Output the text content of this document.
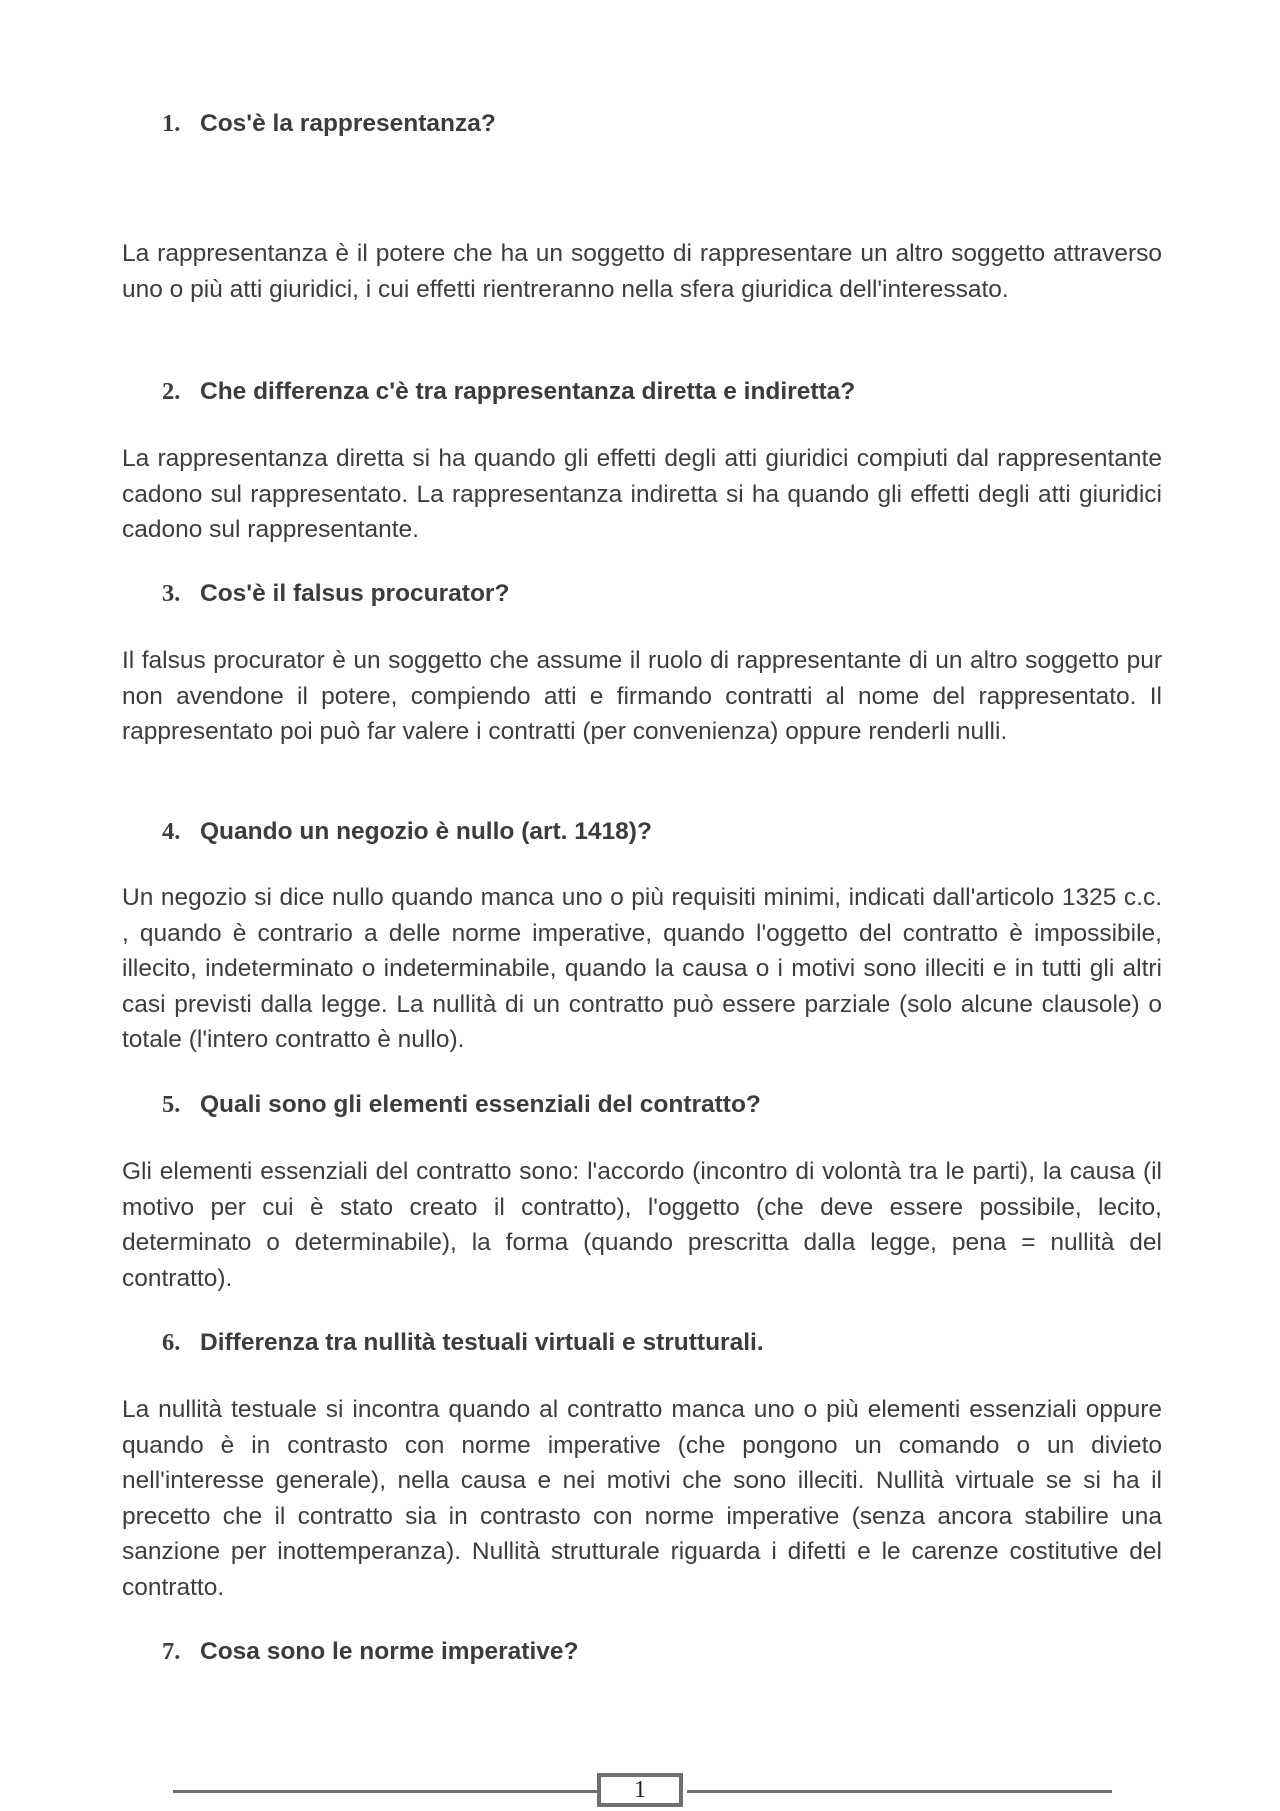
1. Cos'è la rappresentanza?
La rappresentanza è il potere che ha un soggetto di rappresentare un altro soggetto attraverso uno o più atti giuridici, i cui effetti rientreranno nella sfera giuridica dell'interessato.
2. Che differenza c'è tra rappresentanza diretta e indiretta?
La rappresentanza diretta si ha quando gli effetti degli atti giuridici compiuti dal rappresentante cadono sul rappresentato. La rappresentanza indiretta si ha quando gli effetti degli atti giuridici cadono sul rappresentante.
3. Cos'è il falsus procurator?
Il falsus procurator è un soggetto che assume il ruolo di rappresentante di un altro soggetto pur non avendone il potere, compiendo atti e firmando contratti al nome del rappresentato. Il rappresentato poi può far valere i contratti (per convenienza) oppure renderli nulli.
4. Quando un negozio è nullo (art. 1418)?
Un negozio si dice nullo quando manca uno o più requisiti minimi, indicati dall'articolo 1325 c.c. , quando è contrario a delle norme imperative, quando l'oggetto del contratto è impossibile, illecito, indeterminato o indeterminabile, quando la causa o i motivi sono illeciti e in tutti gli altri casi previsti dalla legge. La nullità di un contratto può essere parziale (solo alcune clausole) o totale (l'intero contratto è nullo).
5. Quali sono gli elementi essenziali del contratto?
Gli elementi essenziali del contratto sono: l'accordo (incontro di volontà tra le parti), la causa (il motivo per cui è stato creato il contratto), l'oggetto (che deve essere possibile, lecito, determinato o determinabile), la forma (quando prescritta dalla legge, pena = nullità del contratto).
6. Differenza tra nullità testuali virtuali e strutturali.
La nullità testuale si incontra quando al contratto manca uno o più elementi essenziali oppure quando è in contrasto con norme imperative (che pongono un comando o un divieto nell'interesse generale), nella causa e nei motivi che sono illeciti. Nullità virtuale se si ha il precetto che il contratto sia in contrasto con norme imperative (senza ancora stabilire una sanzione per inottemperanza). Nullità strutturale riguarda i difetti e le carenze costitutive del contratto.
7. Cosa sono le norme imperative?
1
